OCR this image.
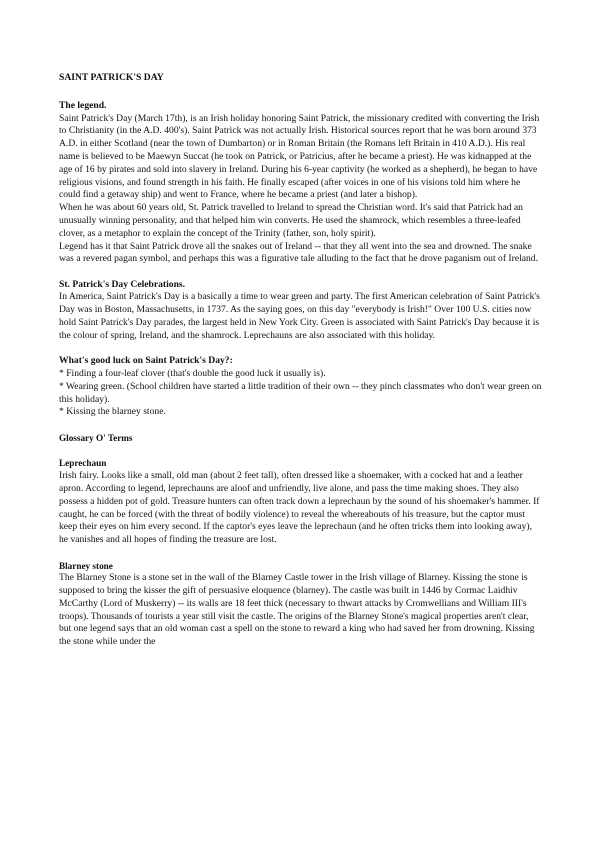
SAINT PATRICK'S DAY
The legend.

Saint Patrick's Day (March 17th), is an Irish holiday honoring Saint Patrick, the missionary credited with converting the Irish to Christianity (in the A.D. 400's). Saint Patrick was not actually Irish. Historical sources report that he was born around 373 A.D. in either Scotland (near the town of Dumbarton) or in Roman Britain (the Romans left Britain in 410 A.D.). His real name is believed to be Maewyn Succat (he took on Patrick, or Patricius, after he became a priest). He was kidnapped at the age of 16 by pirates and sold into slavery in Ireland. During his 6-year captivity (he worked as a shepherd), he began to have religious visions, and found strength in his faith. He finally escaped (after voices in one of his visions told him where he could find a getaway ship) and went to France, where he became a priest (and later a bishop).

When he was about 60 years old, St. Patrick travelled to Ireland to spread the Christian word. It's said that Patrick had an unusually winning personality, and that helped him win converts. He used the shamrock, which resembles a three-leafed clover, as a metaphor to explain the concept of the Trinity (father, son, holy spirit).

Legend has it that Saint Patrick drove all the snakes out of Ireland -- that they all went into the sea and drowned. The snake was a revered pagan symbol, and perhaps this was a figurative tale alluding to the fact that he drove paganism out of Ireland.

St. Patrick's Day Celebrations.

In America, Saint Patrick's Day is a basically a time to wear green and party. The first American celebration of Saint Patrick's Day was in Boston, Massachusetts, in 1737. As the saying goes, on this day "everybody is Irish!" Over 100 U.S. cities now hold Saint Patrick's Day parades, the largest held in New York City. Green is associated with Saint Patrick's Day because it is the colour of spring, Ireland, and the shamrock. Leprechauns are also associated with this holiday.

What's good luck on Saint Patrick's Day?:
* Finding a four-leaf clover (that's double the good luck it usually is).
* Wearing green. (School children have started a little tradition of their own -- they pinch classmates who don't wear green on this holiday).
* Kissing the blarney stone.
Glossary O' Terms
Leprechaun

Irish fairy. Looks like a small, old man (about 2 feet tall), often dressed like a shoemaker, with a cocked hat and a leather apron. According to legend, leprechauns are aloof and unfriendly, live alone, and pass the time making shoes. They also possess a hidden pot of gold. Treasure hunters can often track down a leprechaun by the sound of his shoemaker's hammer. If caught, he can be forced (with the threat of bodily violence) to reveal the whereabouts of his treasure, but the captor must keep their eyes on him every second. If the captor's eyes leave the leprechaun (and he often tricks them into looking away), he vanishes and all hopes of finding the treasure are lost.

Blarney stone

The Blarney Stone is a stone set in the wall of the Blarney Castle tower in the Irish village of Blarney. Kissing the stone is supposed to bring the kisser the gift of persuasive eloquence (blarney). The castle was built in 1446 by Cormac Laidhiv McCarthy (Lord of Muskerry) -- its walls are 18 feet thick (necessary to thwart attacks by Cromwellians and William III's troops). Thousands of tourists a year still visit the castle. The origins of the Blarney Stone's magical properties aren't clear, but one legend says that an old woman cast a spell on the stone to reward a king who had saved her from drowning. Kissing the stone while under the
